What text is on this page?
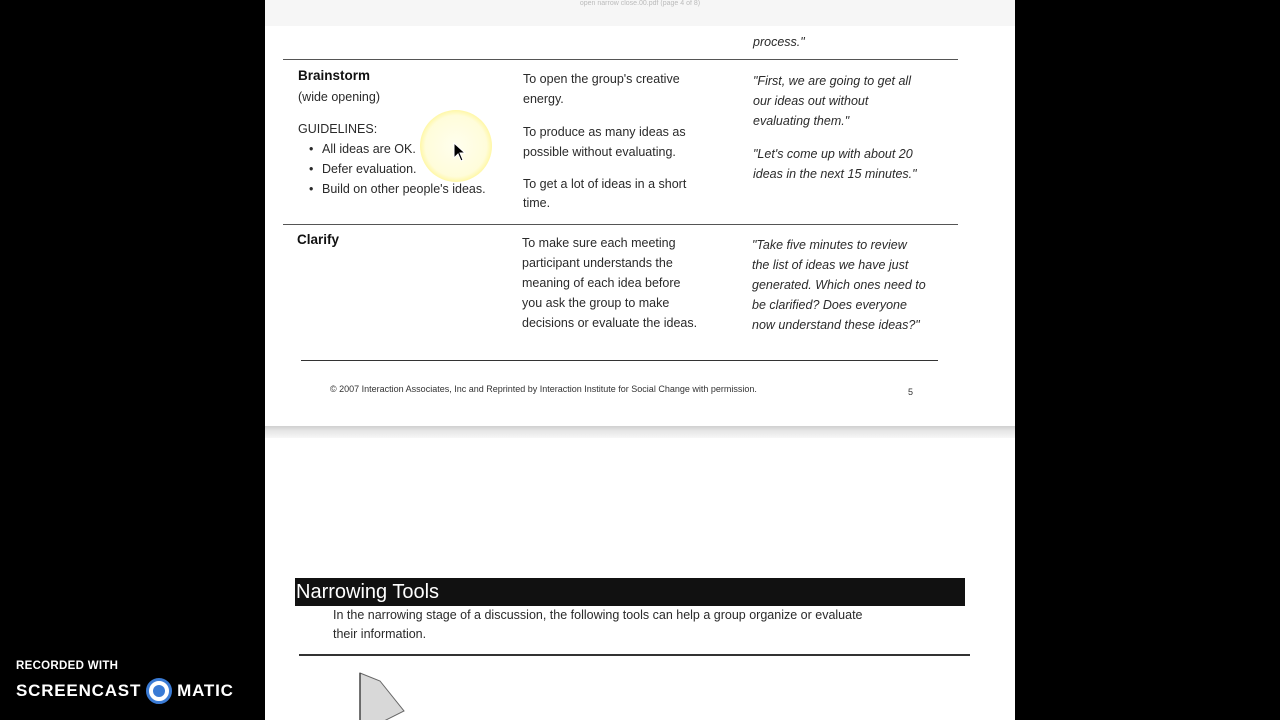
open narrow close.00.pdf (page 4 of 8)
process."
Brainstorm
(wide opening)
GUIDELINES:
• All ideas are OK.
• Defer evaluation.
• Build on other people's ideas.
To open the group's creative
energy.
To produce as many ideas as
possible without evaluating.
To get a lot of ideas in a short
time.
"First, we are going to get all
our ideas out without
evaluating them."
"Let's come up with about 20
ideas in the next 15 minutes."
Clarify	To make sure each meeting
participant understands the
meaning of each idea before
you ask the group to make
decisions or evaluate the ideas.
"Take five minutes to review
the list of ideas we have just
generated. Which ones need to
be clarified? Does everyone
now understand these ideas?"
© 2007 Interaction Associates, Inc and Reprinted by Interaction Institute for Social Change with permission.	5
Narrowing Tools
In the narrowing stage of a discussion, the following tools can help a group organize or evaluate
their information.
RECORDED WITH
SCREENCAST MATIC
